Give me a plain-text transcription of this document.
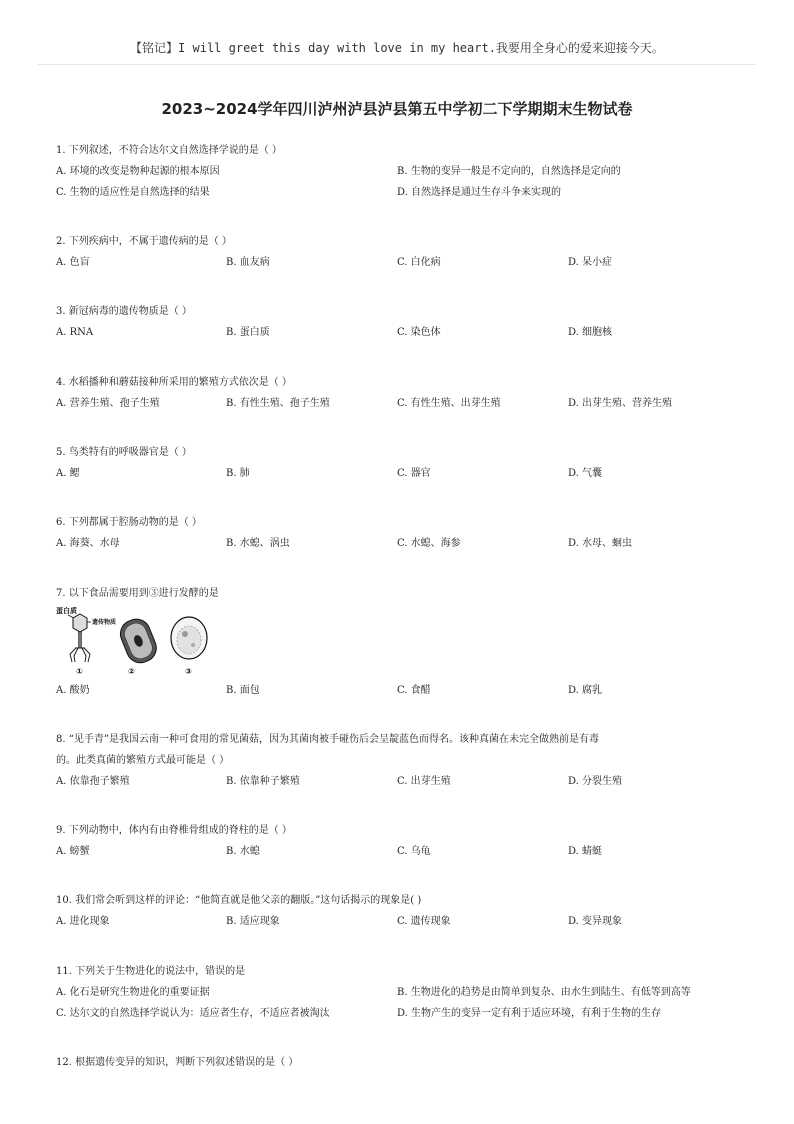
【铭记】I will greet this day with love in my heart.我要用全身心的爱来迎接今天。
2023~2024学年四川泸州泸县泸县第五中学初二下学期期末生物试卷
1. 下列叙述，不符合达尔文自然选择学说的是（ ）
A. 环境的改变是物种起源的根本原因	B. 生物的变异一般是不定向的，自然选择是定向的
C. 生物的适应性是自然选择的结果	D. 自然选择是通过生存斗争来实现的
2. 下列疾病中，不属于遗传病的是（ ）
A. 色盲	B. 血友病	C. 白化病	D. 呆小症
3. 新冠病毒的遗传物质是（ ）
A. RNA	B. 蛋白质	C. 染色体	D. 细胞核
4. 水稻播种和蘑菇接种所采用的繁殖方式依次是（ ）
A. 营养生殖、孢子生殖	B. 有性生殖、孢子生殖	C. 有性生殖、出芽生殖	D. 出芽生殖、营养生殖
5. 鸟类特有的呼吸器官是（ ）
A. 鳃	B. 肺	C. 器官	D. 气囊
6. 下列都属于腔肠动物的是（ ）
A. 海葵、水母	B. 水螅、涡虫	C. 水螅、海参	D. 水母、蛔虫
7. 以下食品需要用到③进行发酵的是
蛋白质
遗传物质
①	②	③
A. 酸奶	B. 面包	C. 食醋	D. 腐乳
8. “见手青”是我国云南一种可食用的常见菌菇，因为其菌肉被手碰伤后会呈靛蓝色而得名。该种真菌在未完全做熟前是有毒
的。此类真菌的繁殖方式最可能是（ ）
A. 依靠孢子繁殖	B. 依靠种子繁殖	C. 出芽生殖	D. 分裂生殖
9. 下列动物中，体内有由脊椎骨组成的脊柱的是（ ）
A. 螃蟹	B. 水螅	C. 乌龟	D. 蜻蜓
10. 我们常会听到这样的评论：“他简直就是他父亲的翻版。”这句话揭示的现象是( )
A. 进化现象	B. 适应现象	C. 遗传现象	D. 变异现象
11. 下列关于生物进化的说法中，错误的是
A. 化石是研究生物进化的重要证据	B. 生物进化的趋势是由简单到复杂、由水生到陆生、有低等到高等
C. 达尔文的自然选择学说认为：适应者生存，不适应者被淘汰	D. 生物产生的变异一定有利于适应环境，有利于生物的生存
12. 根据遗传变异的知识，判断下列叙述错误的是（ ）
